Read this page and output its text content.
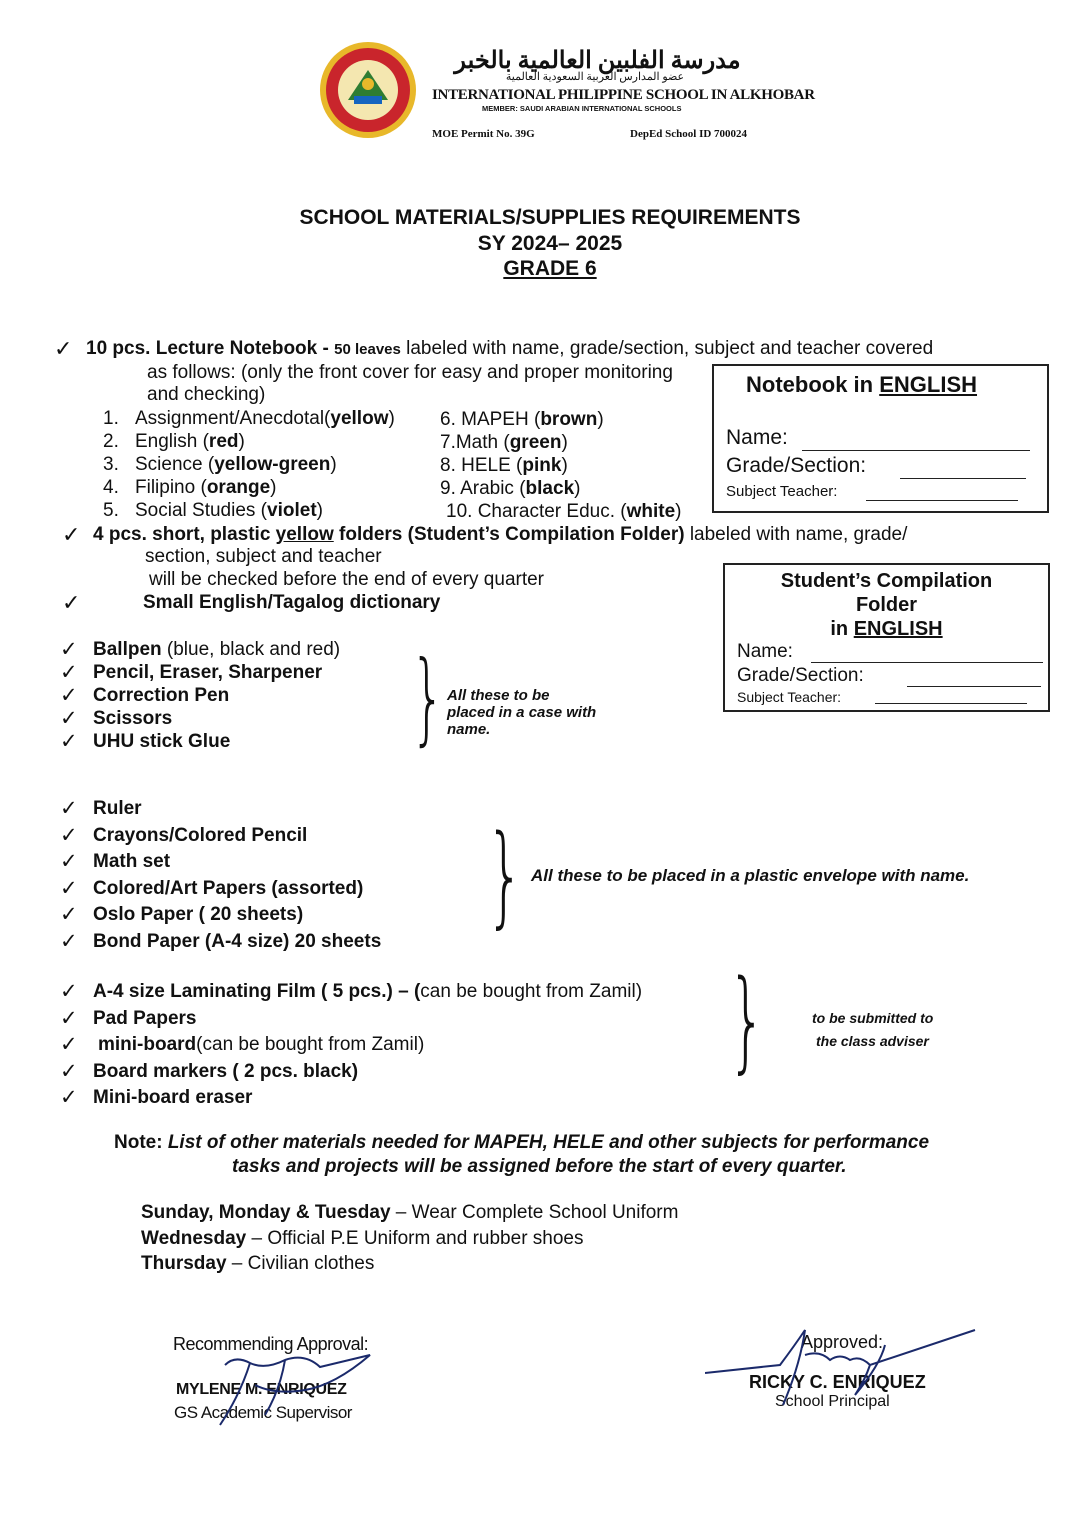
مدرسة الفلبين العالمية بالخبر
عضو المدارس العربية السعودية العالمية
INTERNATIONAL PHILIPPINE SCHOOL IN ALKHOBAR
MEMBER: SAUDI ARABIAN INTERNATIONAL SCHOOLS
MOE Permit No. 39G	DepEd School ID 700024
SCHOOL MATERIALS/SUPPLIES REQUIREMENTS
SY 2024– 2025
GRADE 6
✓ 10 pcs. Lecture Notebook - 50 leaves labeled with name, grade/section, subject and teacher covered
as follows: (only the front cover for easy and proper monitoring
and checking)
1. Assignment/Anecdotal(yellow)
2. English (red)
3. Science (yellow-green)
4. Filipino (orange)
5. Social Studies (violet)
6. MAPEH (brown)
7.Math (green)
8. HELE (pink)
9. Arabic (black)
10. Character Educ. (white)
Notebook in ENGLISH
Name:
Grade/Section:
Subject Teacher:
✓ 4 pcs. short, plastic yellow folders (Student’s Compilation Folder) labeled with name, grade/
section, subject and teacher
will be checked before the end of every quarter
✓	Small English/Tagalog dictionary
Student’s Compilation
Folder
in ENGLISH
Name:
Grade/Section:
Subject Teacher:
✓ Ballpen (blue, black and red)
✓ Pencil, Eraser, Sharpener
✓ Correction Pen
✓ Scissors
✓ UHU stick Glue	} All these to be
placed in a case with
name.
✓ Ruler
✓ Crayons/Colored Pencil
✓ Math set
✓ Colored/Art Papers (assorted)
✓ Oslo Paper ( 20 sheets)
✓ Bond Paper (A-4 size) 20 sheets
} All these to be placed in a plastic envelope with name.
✓ A-4 size Laminating Film ( 5 pcs.) – (can be bought from Zamil)
✓ Pad Papers
✓ mini-board(can be bought from Zamil)
✓ Board markers ( 2 pcs. black)
✓ Mini-board eraser
}	to be submitted to
the class adviser
Note: List of other materials needed for MAPEH, HELE and other subjects for performance
tasks and projects will be assigned before the start of every quarter.
Sunday, Monday & Tuesday – Wear Complete School Uniform
Wednesday – Official P.E Uniform and rubber shoes
Thursday – Civilian clothes
Recommending Approval:
MYLENE M. ENRIQUEZ
GS Academic Supervisor
Approved:
RICKY C. ENRIQUEZ
School Principal
